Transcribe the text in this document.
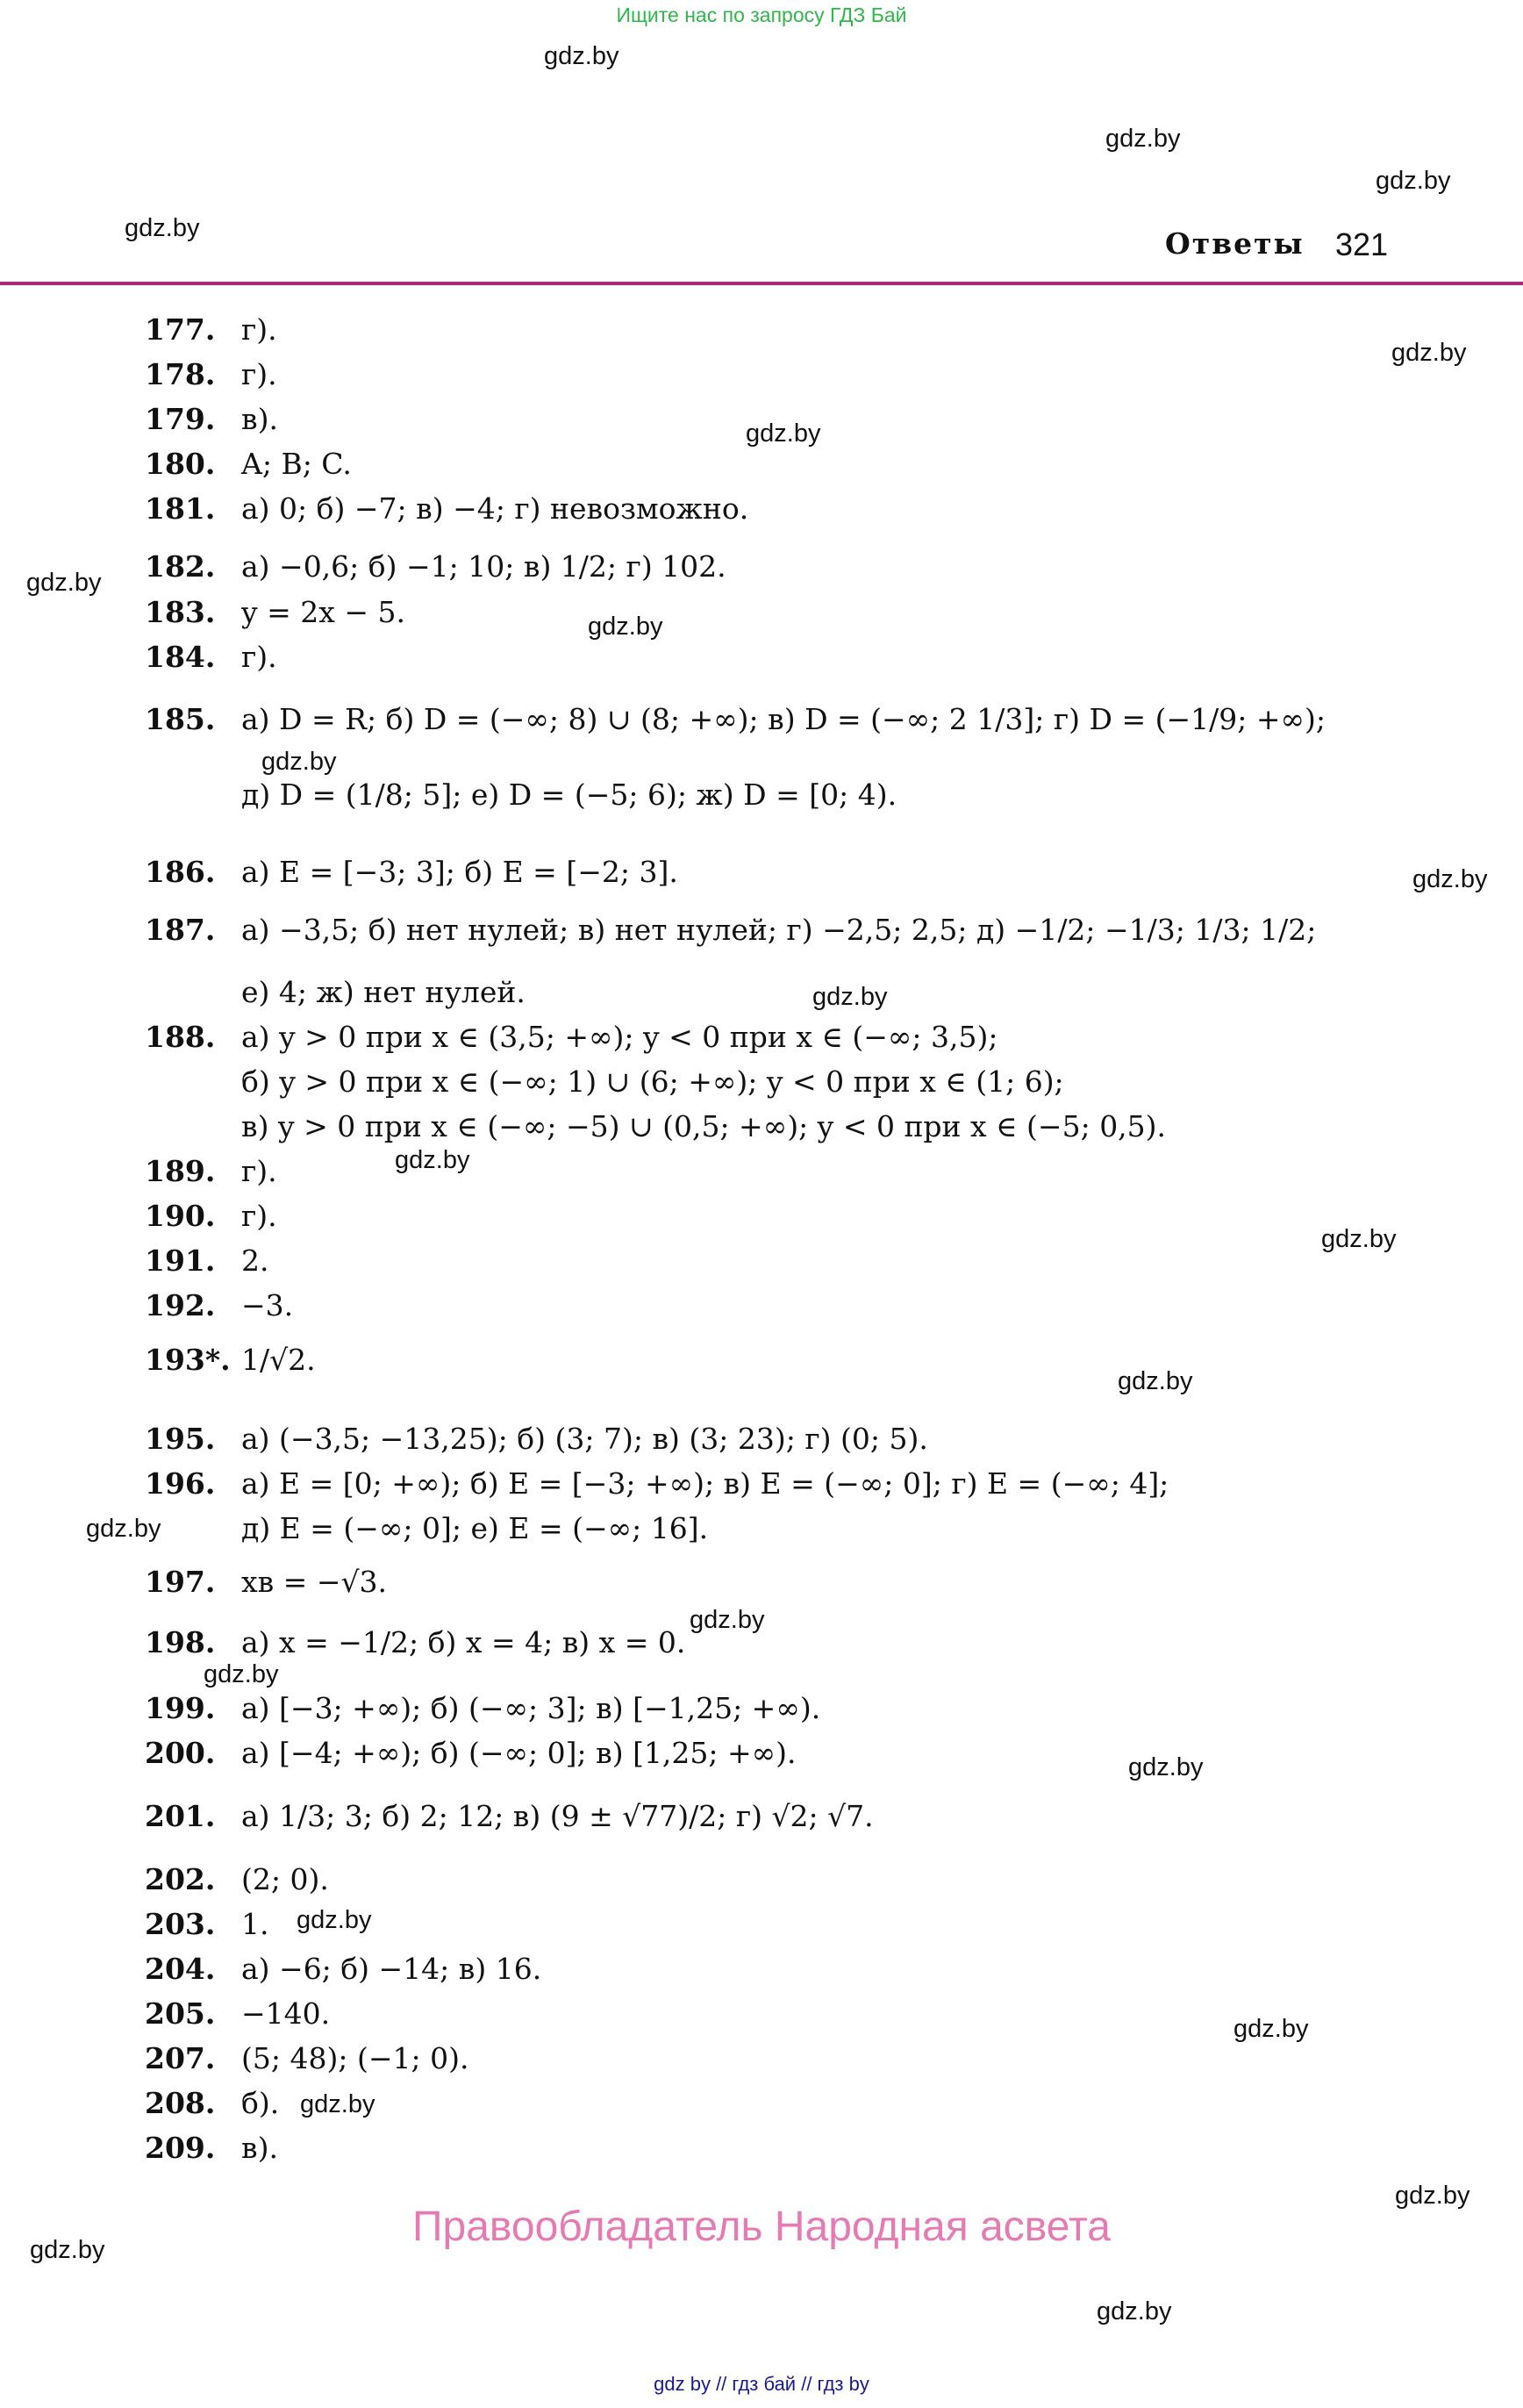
Ищите нас по запросу ГДЗ Бай
gdz.by
gdz.by
gdz.by
gdz.by
gdz.by
gdz.by
gdz.by
gdz.by
gdz.by
gdz.by
gdz.by
gdz.by
gdz.by
gdz.by
gdz.by
gdz.by
gdz.by
gdz.by
gdz.by
gdz.by
gdz.by
gdz.by
gdz.by
gdz.by
Ответы 321
177. г).
178. г).
179. в).
180. A; B; C.
181. а) 0; б) −7; в) −4; г) невозможно.
182. а) −0,6; б) −1; 10; в) 1/2; г) 102.
183. y = 2x − 5.
184. г).
185. а) D = R; б) D = (−∞; 8) ∪ (8; +∞); в) D = (−∞; 2 1/3]; г) D = (−1/9; +∞);
д) D = (1/8; 5]; е) D = (−5; 6); ж) D = [0; 4).
186. а) E = [−3; 3]; б) E = [−2; 3].
187. а) −3,5; б) нет нулей; в) нет нулей; г) −2,5; 2,5; д) −1/2; −1/3; 1/3; 1/2;
е) 4; ж) нет нулей.
188. а) y > 0 при x ∈ (3,5; +∞); y < 0 при x ∈ (−∞; 3,5);
б) y > 0 при x ∈ (−∞; 1) ∪ (6; +∞); y < 0 при x ∈ (1; 6);
в) y > 0 при x ∈ (−∞; −5) ∪ (0,5; +∞); y < 0 при x ∈ (−5; 0,5).
189. г).
190. г).
191. 2.
192. −3.
193*. 1/√2.
195. а) (−3,5; −13,25); б) (3; 7); в) (3; 23); г) (0; 5).
196. а) E = [0; +∞); б) E = [−3; +∞); в) E = (−∞; 0]; г) E = (−∞; 4];
д) E = (−∞; 0]; е) E = (−∞; 16].
197. xв = −√3.
198. а) x = −1/2; б) x = 4; в) x = 0.
199. а) [−3; +∞); б) (−∞; 3]; в) [−1,25; +∞).
200. а) [−4; +∞); б) (−∞; 0]; в) [1,25; +∞).
201. а) 1/3; 3; б) 2; 12; в) (9 ± √77)/2; г) √2; √7.
202. (2; 0).
203. 1.
204. а) −6; б) −14; в) 16.
205. −140.
207. (5; 48); (−1; 0).
208. б).
209. в).
Правообладатель Народная асвета
gdz by // гдз бай // гдз by
